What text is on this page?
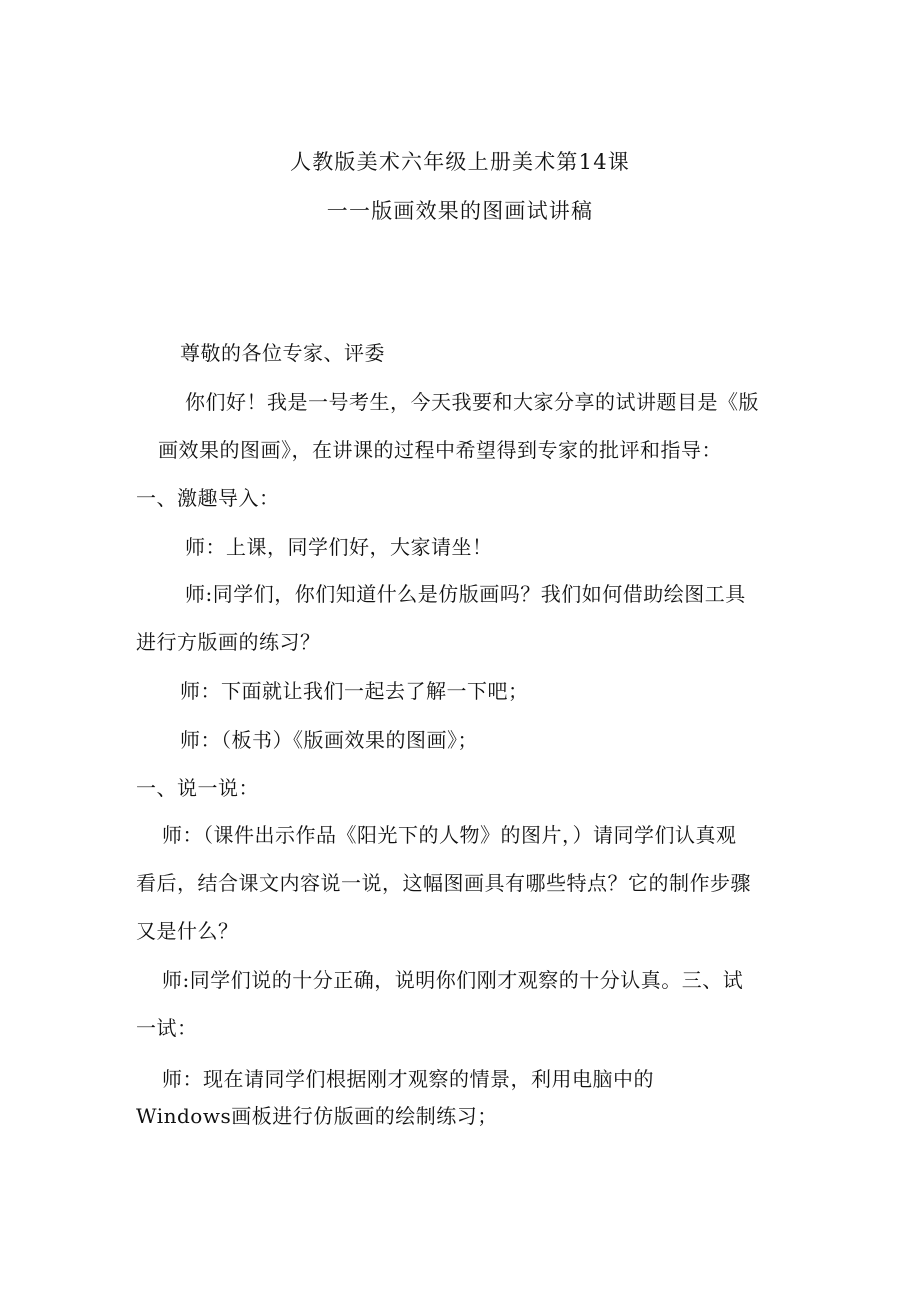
人教版美术六年级上册美术第14课
一一版画效果的图画试讲稿
尊敬的各位专家、评委
你们好！我是一号考生，今天我要和大家分享的试讲题目是《版
画效果的图画》，在讲课的过程中希望得到专家的批评和指导：
一、激趣导入：
师：上课，同学们好，大家请坐！
师:同学们，你们知道什么是仿版画吗？我们如何借助绘图工具
进行方版画的练习？
师：下面就让我们一起去了解一下吧；
师：（板书）《版画效果的图画》；
一、说一说：
师：（课件出示作品《阳光下的人物》的图片，）请同学们认真观
看后，结合课文内容说一说，这幅图画具有哪些特点？它的制作步骤
又是什么？
师:同学们说的十分正确，说明你们刚才观察的十分认真。三、试
一试：
师：现在请同学们根据刚才观察的情景，利用电脑中的
Windows画板进行仿版画的绘制练习；
